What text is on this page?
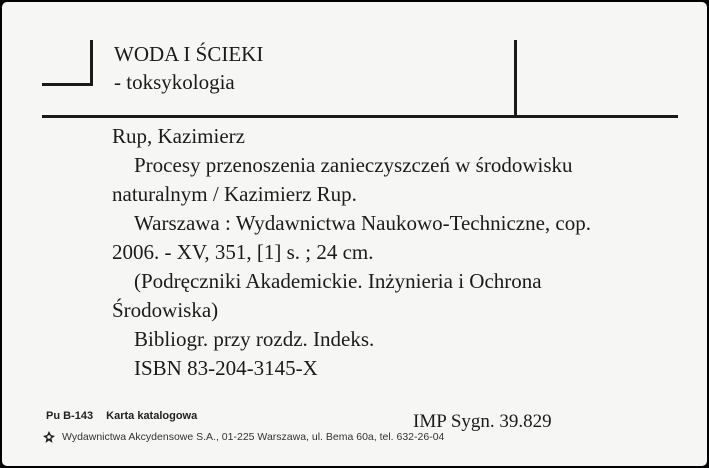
WODA I ŚCIEKI
- toksykologia
Rup, Kazimierz
Procesy przenoszenia zanieczyszczeń w środowisku
naturalnym / Kazimierz Rup.
Warszawa : Wydawnictwa Naukowo-Techniczne, cop.
2006. - XV, 351, [1] s. ; 24 cm.
(Podręczniki Akademickie. Inżynieria i Ochrona
Środowiska)
Bibliogr. przy rozdz. Indeks.
ISBN 83-204-3145-X
Pu B-143 Karta katalogowa
Wydawnictwa Akcydensowe S.A., 01-225 Warszawa, ul. Bema 60a, tel. 632-26-04
IMP Sygn. 39.829
